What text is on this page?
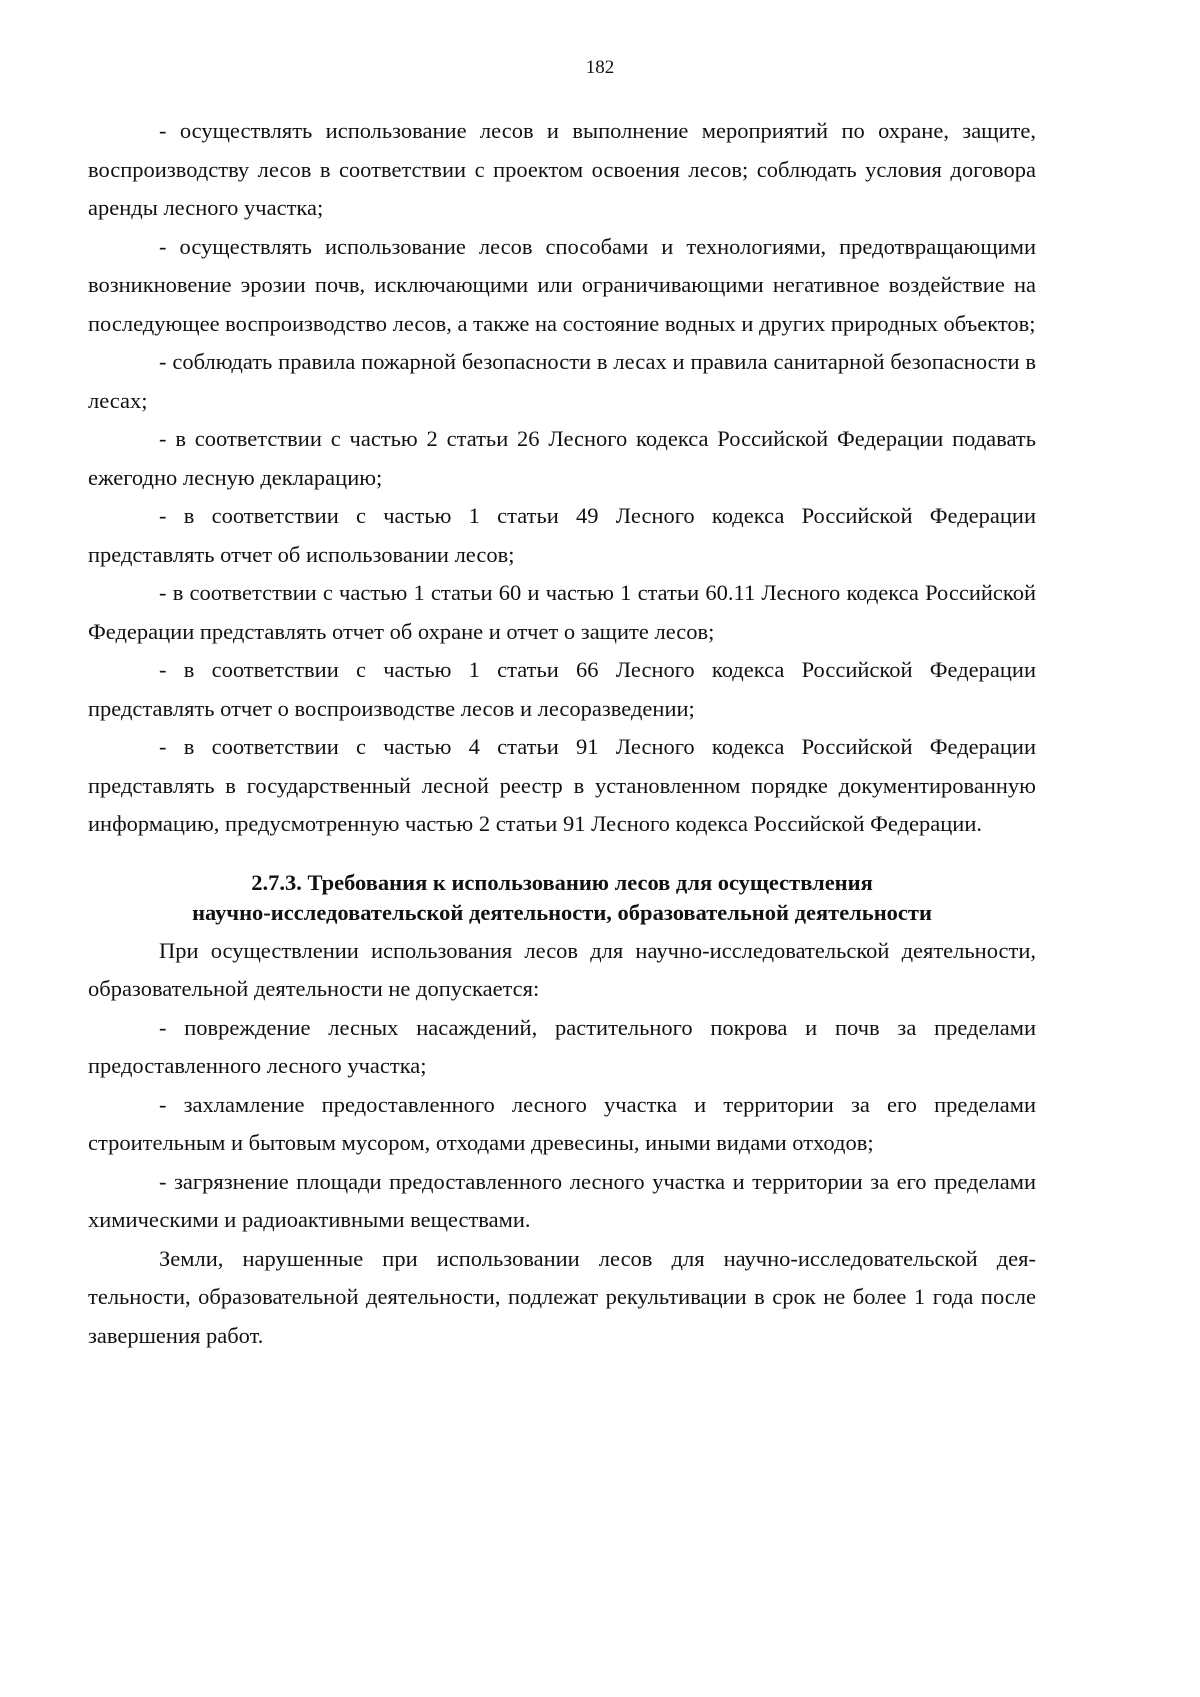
182

- осуществлять использование лесов и выполнение мероприятий по охране, защите, воспроизводству лесов в соответствии с проектом освоения лесов; соблюдать условия договора аренды лесного участка;

- осуществлять использование лесов способами и технологиями, предотвращающими возникновение эрозии почв, исключающими или ограничивающими негативное воздействие на последующее воспроизводство лесов, а также на состояние водных и других природных объектов;

- соблюдать правила пожарной безопасности в лесах и правила санитарной безопасности в лесах;

- в соответствии с частью 2 статьи 26 Лесного кодекса Российской Федерации подавать ежегодно лесную декларацию;

- в соответствии с частью 1 статьи 49 Лесного кодекса Российской Федерации представлять отчет об использовании лесов;

- в соответствии с частью 1 статьи 60 и частью 1 статьи 60.11 Лесного кодекса Российской Федерации представлять отчет об охране и отчет о защите лесов;

- в соответствии с частью 1 статьи 66 Лесного кодекса Российской Федерации представлять отчет о воспроизводстве лесов и лесоразведении;

- в соответствии с частью 4 статьи 91 Лесного кодекса Российской Федерации представлять в государственный лесной реестр в установленном порядке документированную информацию, предусмотренную частью 2 статьи 91 Лесного кодекса Российской Федерации.

2.7.3. Требования к использованию лесов для осуществления
научно-исследовательской деятельности, образовательной деятельности

При осуществлении использования лесов для научно-исследовательской деятельности, образовательной деятельности не допускается:

- повреждение лесных насаждений, растительного покрова и почв за пределами предоставленного лесного участка;

- захламление предоставленного лесного участка и территории за его пределами строительным и бытовым мусором, отходами древесины, иными видами отходов;

- загрязнение площади предоставленного лесного участка и территории за его пределами химическими и радиоактивными веществами.

Земли, нарушенные при использовании лесов для научно-исследовательской деятельности, образовательной деятельности, подлежат рекультивации в срок не более 1 года после завершения работ.
